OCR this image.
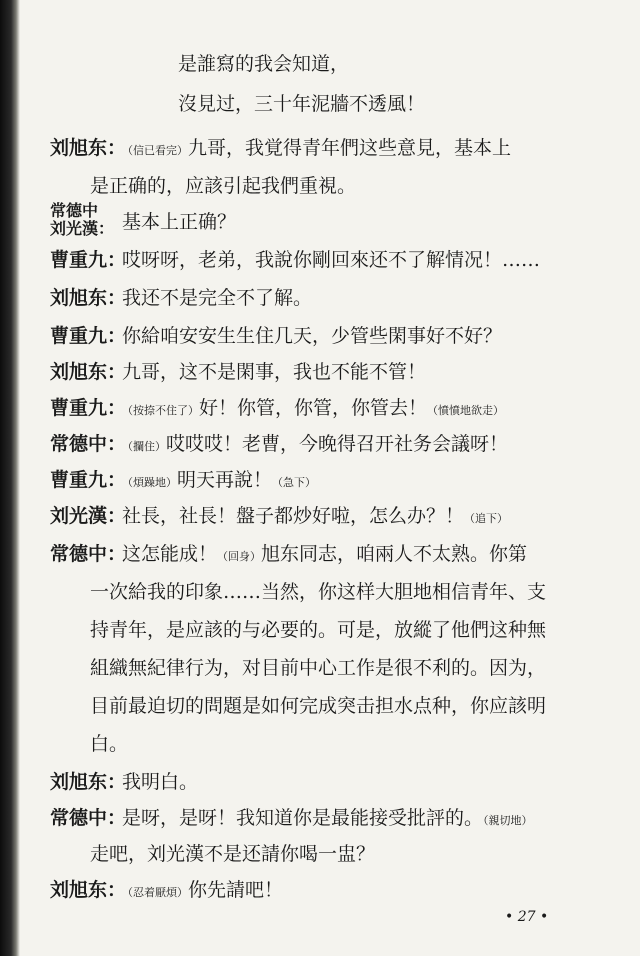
是誰寫的我会知道，
沒見过，三十年泥牆不透風！
刘旭东：
（信已看完）九哥，我覚得青年們这些意見，基本上
是正确的，应該引起我們重視。
常德中
刘光漢： 基本上正确？
曹重九：
哎呀呀，老弟，我說你剛回來还不了解情况！……
刘旭东：
我还不是完全不了解。
曹重九：
你給咱安安生生住几天，少管些閑事好不好？
刘旭东：
九哥，这不是閑事，我也不能不管！
曹重九：
（按捺不住了）好！你管，你管，你管去！（憤憤地欲走）
常德中：
（攔住）哎哎哎！老曹，今晚得召开社务会議呀！
曹重九：
（煩躁地）明天再說！（急下）
刘光漢：
社長，社長！盤子都炒好啦，怎么办？！（追下）
常德中：
这怎能成！（回身）旭东同志，咱兩人不太熟。你第
一次給我的印象……当然，你这样大胆地相信青年、支
持青年，是应該的与必要的。可是，放縱了他們这种無
組織無紀律行为，对目前中心工作是很不利的。因为，
目前最迫切的問題是如何完成突击担水点种，你应該明
白。
刘旭东：
我明白。
常德中：
是呀，是呀！我知道你是最能接受批評的。（親切地）
走吧，刘光漢不是还請你喝一盅？
刘旭东：
（忍着厭煩）你先請吧！
• 27 •
